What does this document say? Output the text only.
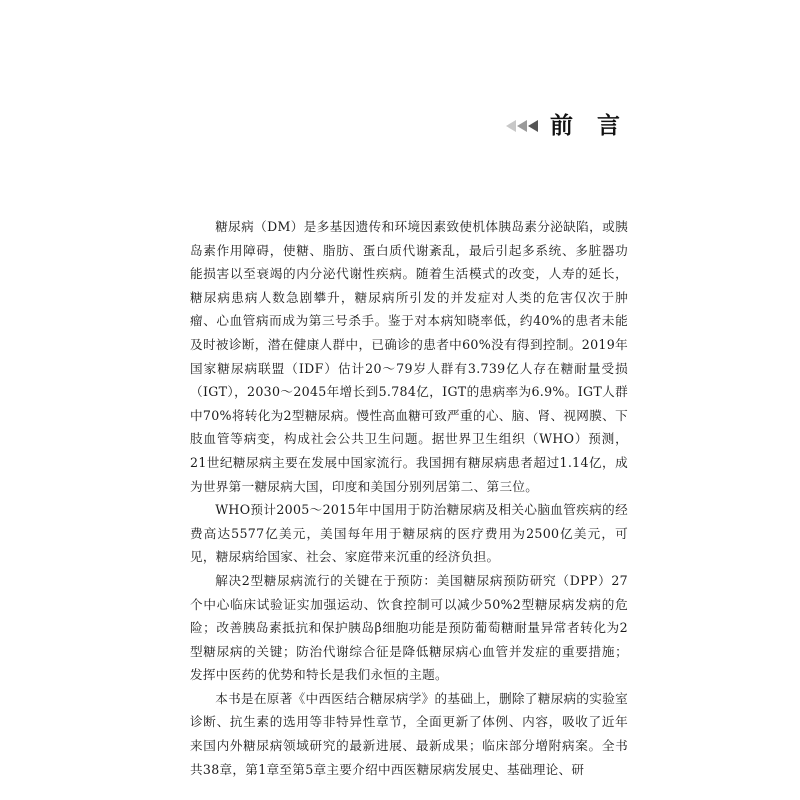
前 言

糖尿病（DM）是多基因遗传和环境因素致使机体胰岛素分泌缺陷，或胰岛素作用障碍，使糖、脂肪、蛋白质代谢紊乱，最后引起多系统、多脏器功能损害以至衰竭的内分泌代谢性疾病。随着生活模式的改变，人寿的延长，糖尿病患病人数急剧攀升，糖尿病所引发的并发症对人类的危害仅次于肿瘤、心血管病而成为第三号杀手。鉴于对本病知晓率低，约40%的患者未能及时被诊断，潜在健康人群中，已确诊的患者中60%没有得到控制。2019年国家糖尿病联盟（IDF）估计20～79岁人群有3.739亿人存在糖耐量受损（IGT），2030～2045年增长到5.784亿，IGT的患病率为6.9%。IGT人群中70%将转化为2型糖尿病。慢性高血糖可致严重的心、脑、肾、视网膜、下肢血管等病变，构成社会公共卫生问题。据世界卫生组织（WHO）预测，21世纪糖尿病主要在发展中国家流行。我国拥有糖尿病患者超过1.14亿，成为世界第一糖尿病大国，印度和美国分别列居第二、第三位。

WHO预计2005～2015年中国用于防治糖尿病及相关心脑血管疾病的经费高达5577亿美元，美国每年用于糖尿病的医疗费用为2500亿美元，可见，糖尿病给国家、社会、家庭带来沉重的经济负担。

解决2型糖尿病流行的关键在于预防：美国糖尿病预防研究（DPP）27个中心临床试验证实加强运动、饮食控制可以减少50%2型糖尿病发病的危险；改善胰岛素抵抗和保护胰岛β细胞功能是预防葡萄糖耐量异常者转化为2型糖尿病的关键；防治代谢综合征是降低糖尿病心血管并发症的重要措施；发挥中医药的优势和特长是我们永恒的主题。

本书是在原著《中西医结合糖尿病学》的基础上，删除了糖尿病的实验室诊断、抗生素的选用等非特异性章节，全面更新了体例、内容，吸收了近年来国内外糖尿病领域研究的最新进展、最新成果；临床部分增附病案。全书共38章，第1章至第5章主要介绍中西医糖尿病发展史、基础理论、研
